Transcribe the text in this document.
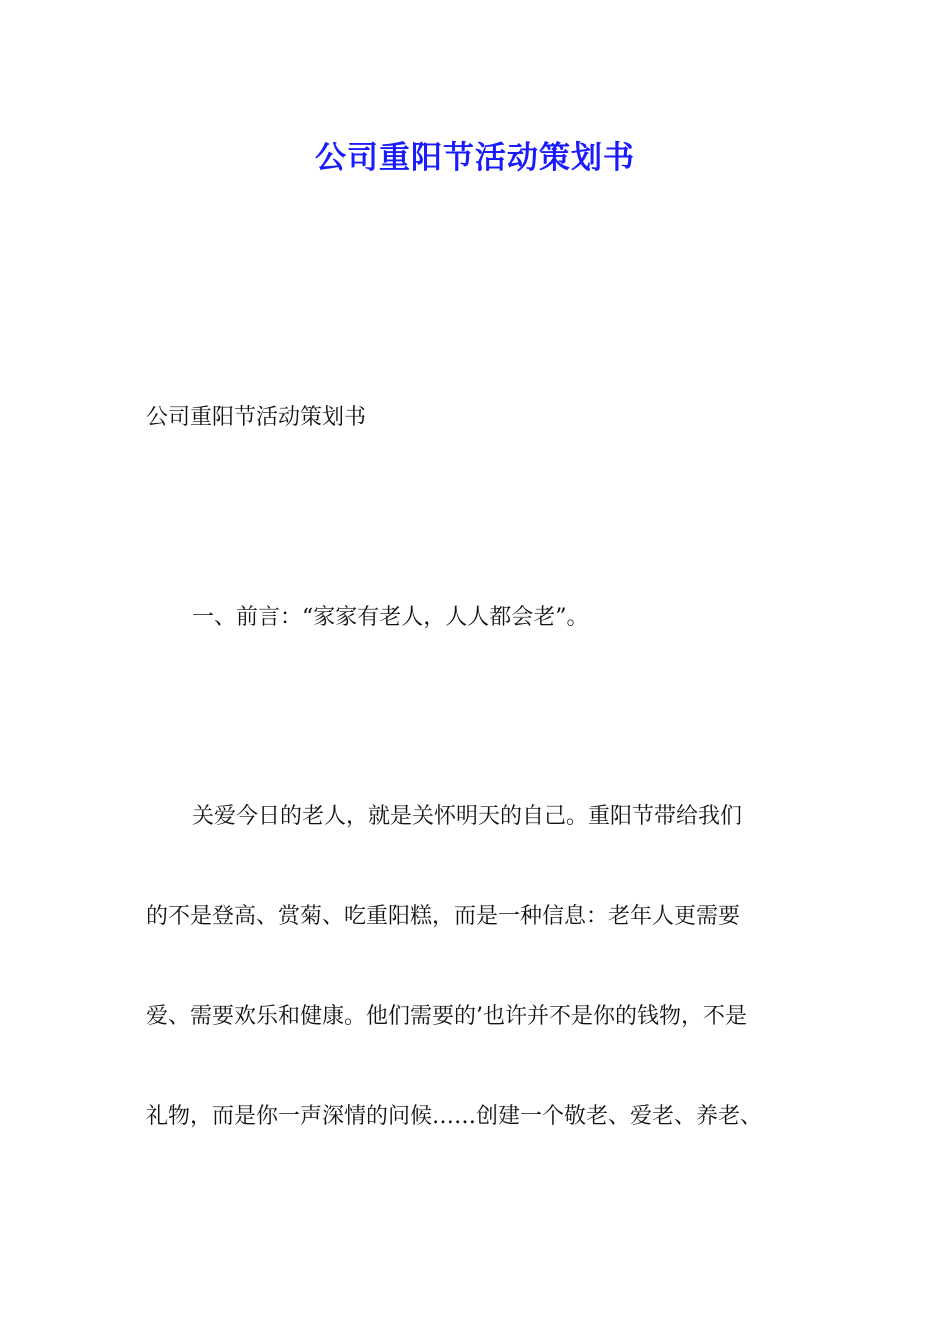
公司重阳节活动策划书

公司重阳节活动策划书

一、前言：“家家有老人，人人都会老”。

关爱今日的老人，就是关怀明天的自己。重阳节带给我们

的不是登高、赏菊、吃重阳糕，而是一种信息：老年人更需要

爱、需要欢乐和健康。他们需要的’也许并不是你的钱物，不是

礼物，而是你一声深情的问候……创建一个敬老、爱老、养老、
